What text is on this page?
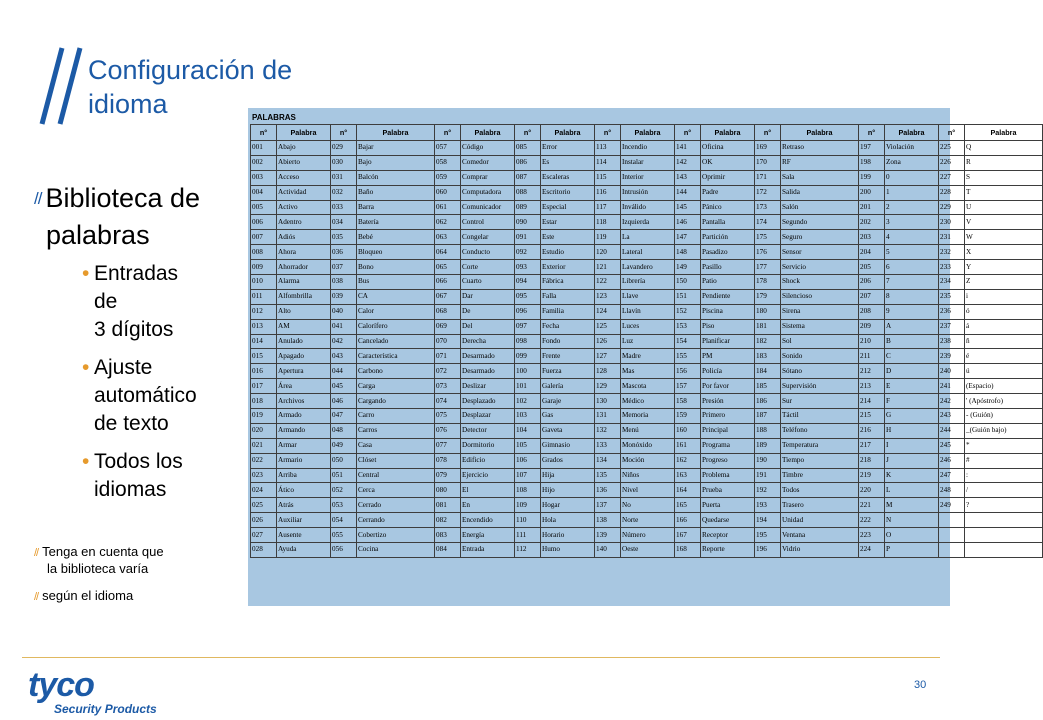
Configuración de idioma
// Biblioteca de
palabras
• Entradas
de
3 dígitos
• Ajuste
automático
de texto
• Todos los
idiomas
// Tenga en cuenta que
la biblioteca varía
// según el idioma
PALABRAS
n°	Palabra	n°	Palabra	n°	Palabra	n°	Palabra	n°	Palabra	n°	Palabra	n°	Palabra	n°	Palabra	n°	Palabra
001	Abajo	029	Bajar	057	Código	085	Error	113	Incendio	141	Oficina	169	Retraso	197	Violación	225	Q
002	Abierto	030	Bajo	058	Comedor	086	Es	114	Instalar	142	OK	170	RF	198	Zona	226	R
003	Acceso	031	Balcón	059	Comprar	087	Escaleras	115	Interior	143	Oprimir	171	Sala	199	0	227	S
004	Actividad	032	Baño	060	Computadora	088	Escritorio	116	Intrusión	144	Padre	172	Salida	200	1	228	T
005	Activo	033	Barra	061	Comunicador	089	Especial	117	Inválido	145	Pánico	173	Salón	201	2	229	U
006	Adentro	034	Batería	062	Control	090	Estar	118	Izquierda	146	Pantalla	174	Segundo	202	3	230	V
007	Adiós	035	Bebé	063	Congelar	091	Este	119	La	147	Partición	175	Seguro	203	4	231	W
008	Ahora	036	Bloqueo	064	Conducto	092	Estudio	120	Lateral	148	Pasadizo	176	Sensor	204	5	232	X
009	Ahorrador	037	Bono	065	Corte	093	Exterior	121	Lavandero	149	Pasillo	177	Servicio	205	6	233	Y
010	Alarma	038	Bus	066	Cuarto	094	Fábrica	122	Librería	150	Patio	178	Shock	206	7	234	Z
011	Alfombrilla	039	CA	067	Dar	095	Falla	123	Llave	151	Pendiente	179	Silencioso	207	8	235	i
012	Alto	040	Calor	068	De	096	Familia	124	Llavín	152	Piscina	180	Sirena	208	9	236	ó
013	AM	041	Calorífero	069	Del	097	Fecha	125	Luces	153	Piso	181	Sistema	209	A	237	á
014	Anulado	042	Cancelado	070	Derecha	098	Fondo	126	Luz	154	Planificar	182	Sol	210	B	238	ñ
015	Apagado	043	Característica	071	Desarmado	099	Frente	127	Madre	155	PM	183	Sonido	211	C	239	é
016	Apertura	044	Carbono	072	Desarmado	100	Fuerza	128	Mas	156	Policía	184	Sótano	212	D	240	ú
017	Área	045	Carga	073	Deslizar	101	Galería	129	Mascota	157	Por favor	185	Supervisión	213	E	241	(Espacio)
018	Archivos	046	Cargando	074	Desplazado	102	Garaje	130	Médico	158	Presión	186	Sur	214	F	242	' (Apóstrofo)
019	Armado	047	Carro	075	Desplazar	103	Gas	131	Memoria	159	Primero	187	Táctil	215	G	243	- (Guión)
020	Armando	048	Carros	076	Detector	104	Gaveta	132	Menú	160	Principal	188	Teléfono	216	H	244	_(Guión bajo)
021	Armar	049	Casa	077	Dormitorio	105	Gimnasio	133	Monóxido	161	Programa	189	Temperatura	217	I	245	*
022	Armario	050	Clóset	078	Edificio	106	Grados	134	Moción	162	Progreso	190	Tiempo	218	J	246	#
023	Arriba	051	Central	079	Ejercicio	107	Hija	135	Niños	163	Problema	191	Timbre	219	K	247	:
024	Ático	052	Cerca	080	El	108	Hijo	136	Nivel	164	Prueba	192	Todos	220	L	248	/
025	Atrás	053	Cerrado	081	En	109	Hogar	137	No	165	Puerta	193	Trasero	221	M	249	?
026	Auxiliar	054	Cerrando	082	Encendido	110	Hola	138	Norte	166	Quedarse	194	Unidad	222	N		
027	Ausente	055	Cobertizo	083	Energía	111	Horario	139	Número	167	Receptor	195	Ventana	223	O		
028	Ayuda	056	Cocina	084	Entrada	112	Humo	140	Oeste	168	Reporte	196	Vidrio	224	P		
tyco
Security Products
30
